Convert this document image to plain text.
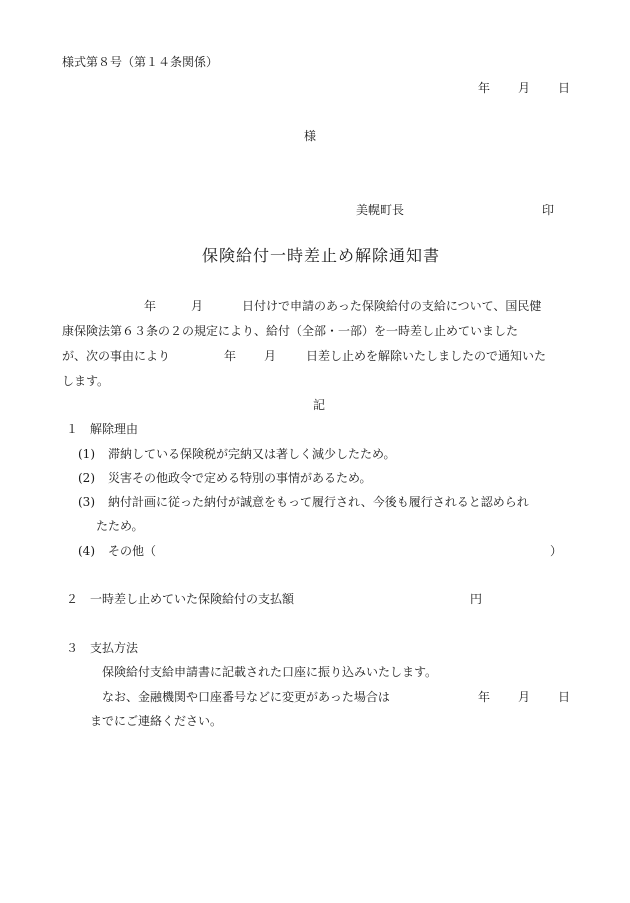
様式第８号（第１４条関係）
年 月 日
様
美幌町長	印
保険給付一時差止め解除通知書
年	月	日付けで申請のあった保険給付の支給について、国民健
康保険法第６３条の２の規定により、給付（全部・一部）を一時差し止めていました
が、次の事由により	年 月 日差し止めを解除いたしましたので通知いた
します。
記
１ 解除理由
(1) 滞納している保険税が完納又は著しく減少したため。
(2) 災害その他政令で定める特別の事情があるため。
(3) 納付計画に従った納付が誠意をもって履行され、今後も履行されると認められ
たため。
(4) その他（	）
２ 一時差し止めていた保険給付の支払額	円
３ 支払方法
保険給付支給申請書に記載された口座に振り込みいたします。
なお、金融機関や口座番号などに変更があった場合は	年 月 日
までにご連絡ください。
